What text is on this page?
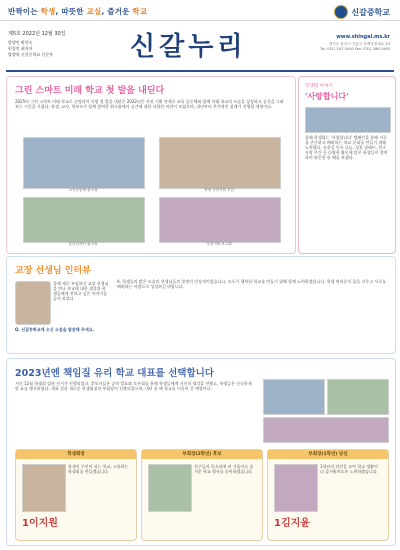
반짝이는 학생, 따뜻한 교실, 즐거운 학교	신갈중학교
제5호 2022년 12월 30일
발행인 박한숙
편집인 최지아
발행처 신갈중학교 신문부	신갈누리	www.shingal.ms.kr
경기도 용인시 기흥구 동백죽전대로 23
Tel. 031) 547-5000 Fax. 031) 286-1965
그린 스마트 미래 학교 첫 발을 내딛다
2025년 그린 스마트 미래 학교로 선정되어 사업 첫 발을 내딛은 2022년은 사전 기획 단계로 교육 공동체와 함께 미래 학교의 모습을 상상하고 공간을 그려보는 시간을 가졌다. 학생, 교사, 학부모가 함께 참여한 워크숍에서 공간에 대한 다양한 의견이 모였으며, 내년부터 본격적인 설계가 진행될 예정이다.
교육공동체 워크숍	학생 사전기획 모임
공간디자인 워크숍	사전기획 보고회
학생회 이야기
'사랑합니다'
올해 학생회는 '사랑합니다' 캠페인을 통해 서로를 존중하고 배려하는 학교 문화를 만들기 위해 노력했다. 등굣길 인사 나눔, 칭찬 릴레이, 친구 사랑 주간 등 다양한 활동에 많은 학생들이 참여하며 따뜻한 한 해를 보냈다.
교장 선생님 인터뷰
올해 새로 부임하신 교장 선생님을 만나 학교에 대한 생각과 학생들에게 전하고 싶은 이야기를 들어 보았다.
Q. 신갈중학교에 오신 소감을 말씀해 주세요.
A. 학생들의 밝은 모습과 선생님들의 열정이 인상적이었습니다. 모두가 행복한 학교를 만들기 위해 함께 노력하겠습니다. 학생 여러분이 꿈을 키우고 서로를 배려하는 사람으로 성장하길 바랍니다.
2023년엔 책임질 유리 학교 대표를 선택합니다
지난 12월 학생회 임원 선거가 진행되었다. 후보자들은 공약 발표와 토론회를 통해 학생들에게 자신의 생각을 전했고, 학생들은 신중하게 한 표를 행사하였다. 개표 결과 새로운 학생회장과 부회장이 선출되었으며, 내년 한 해 학교를 이끌어 갈 예정이다.
학생회장
1이지원
학생이 주인이 되는 학교, 소통하는 학생회를 만들겠습니다.
부회장(2학년) 후보
친구들의 목소리에 귀 기울이고 즐거운 학교 행사를 준비하겠습니다.
부회장(1학년) 당선
1김지윤
1학년의 의견을 모아 학교 생활이 더 즐거워지도록 노력하겠습니다.
